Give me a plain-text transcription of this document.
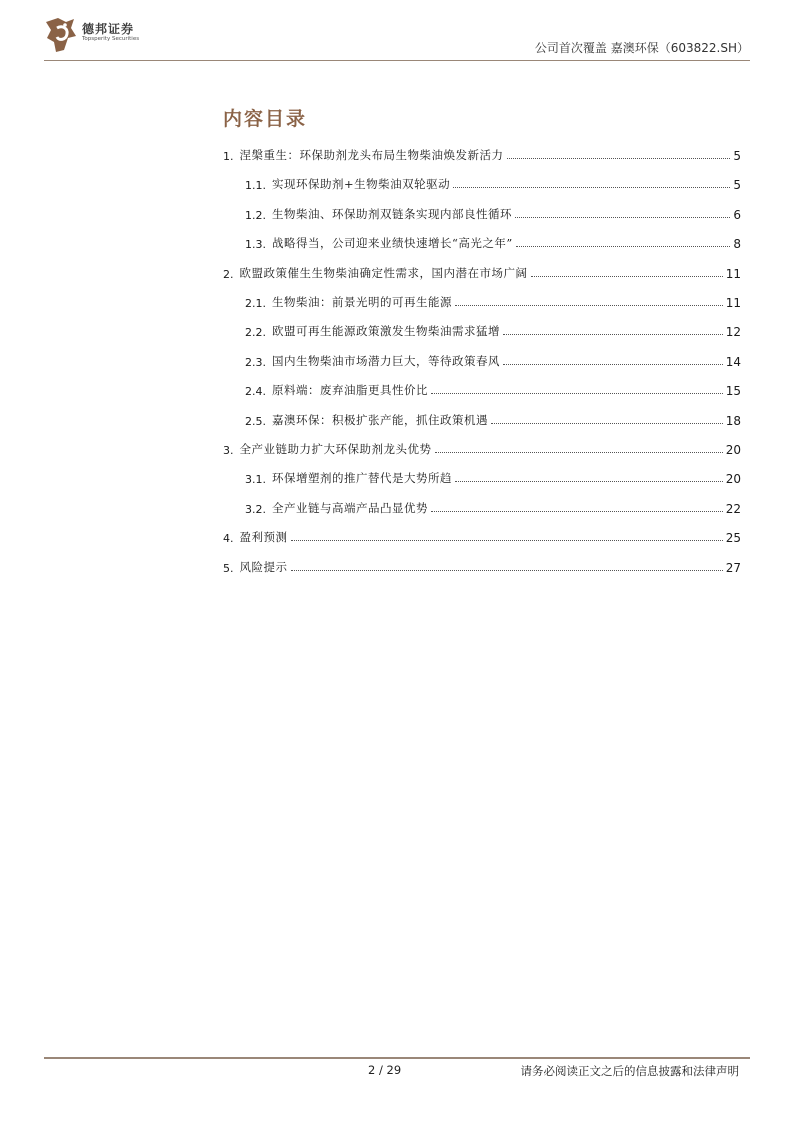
德邦证券
Topsperity Securities
公司首次覆盖 嘉澳环保（603822.SH）
内容目录
1. 涅槃重生：环保助剂龙头布局生物柴油焕发新活力	5
1.1. 实现环保助剂+生物柴油双轮驱动	5
1.2. 生物柴油、环保助剂双链条实现内部良性循环	6
1.3. 战略得当，公司迎来业绩快速增长“高光之年”	8
2. 欧盟政策催生生物柴油确定性需求，国内潜在市场广阔	11
2.1. 生物柴油：前景光明的可再生能源	11
2.2. 欧盟可再生能源政策激发生物柴油需求猛增	12
2.3. 国内生物柴油市场潜力巨大，等待政策春风	14
2.4. 原料端：废弃油脂更具性价比	15
2.5. 嘉澳环保：积极扩张产能，抓住政策机遇	18
3. 全产业链助力扩大环保助剂龙头优势	20
3.1. 环保增塑剂的推广替代是大势所趋	20
3.2. 全产业链与高端产品凸显优势	22
4. 盈利预测	25
5. 风险提示	27
2 / 29	请务必阅读正文之后的信息披露和法律声明
